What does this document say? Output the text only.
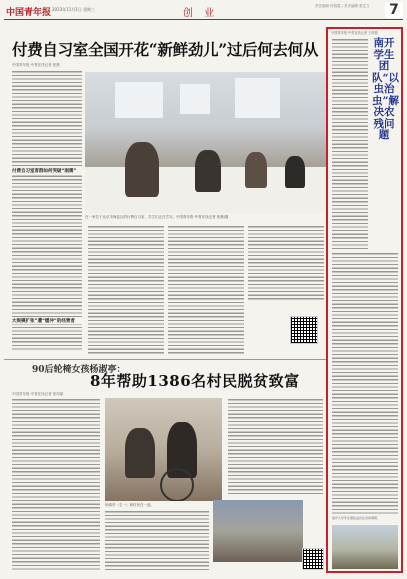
中国青年报 2023年11月1日 星期三	创 业
责任编辑 何春霞 / 美术编辑 张艺文	7
付费自习室全国开花“新鲜劲儿”过后何去何从
中国青年报·中青在线记者 张渺
付费自习室客群如何突破“刚需”
大规模扩张”遭“缓冲”的经营者
在一家位于北京市海淀区的付费自习室，学生们正在学习。中国青年报·中青在线记者 张渺/摄
90后轮椅女孩杨淑亭：
8年帮助1386名村民脱贫致富
中国青年报·中青在线记者 张均斌
杨淑亭（右一）和村民在一起。
中国青年报·中青在线记者 王烨捷
南开学生团队“以虫治虫”解决农残问题
南开大学学生团队成员在田间调研。
